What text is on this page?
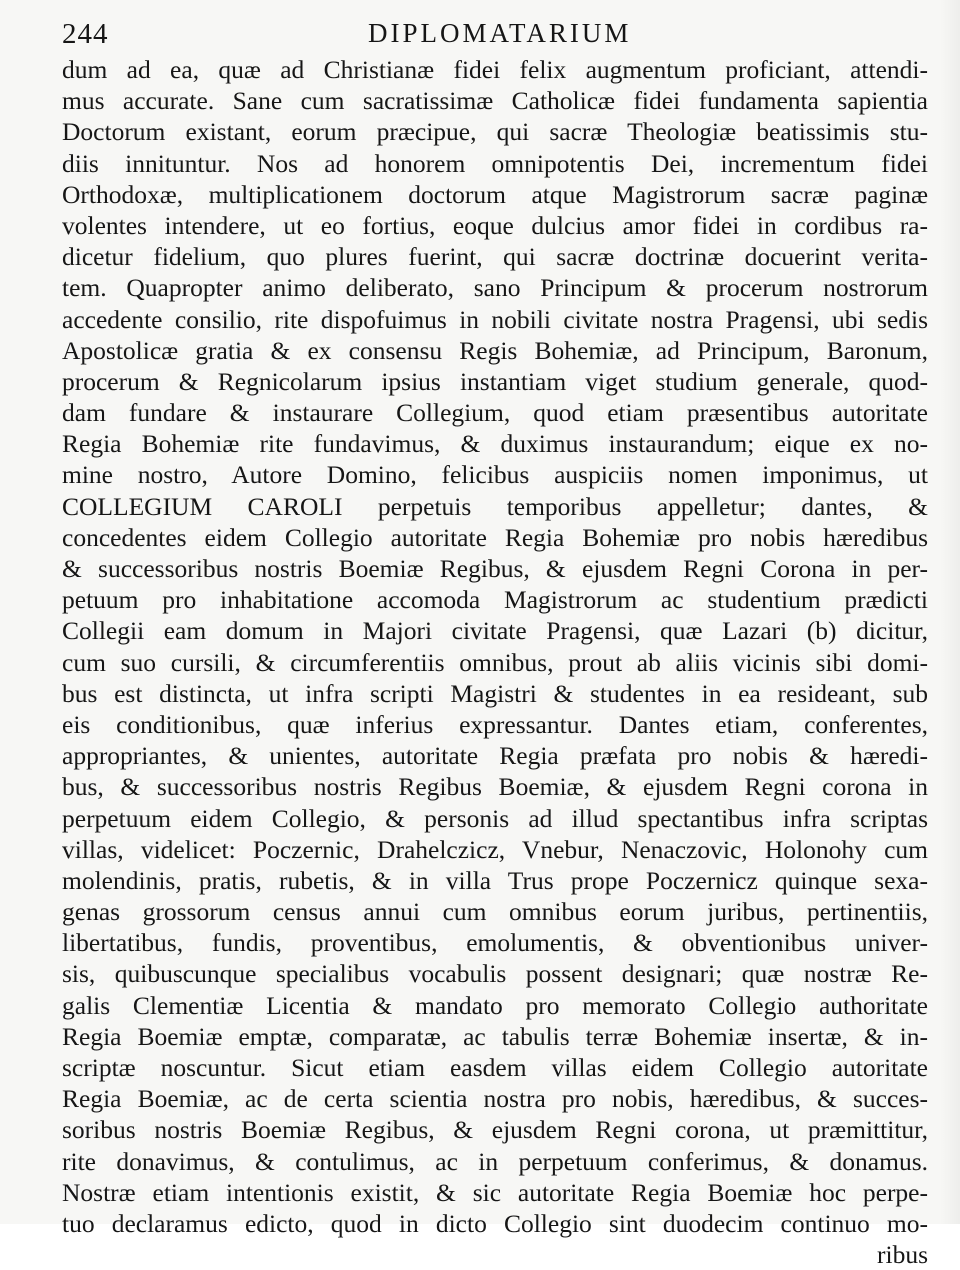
244	DIPLOMATARIUM
dum ad ea, quæ ad Christianæ fidei felix augmentum proficiant, attendi-
mus accurate. Sane cum sacratissimæ Catholicæ fidei fundamenta sapientia
Doctorum existant, eorum præcipue, qui sacræ Theologiæ beatissimis stu-
diis innituntur. Nos ad honorem omnipotentis Dei, incrementum fidei
Orthodoxæ, multiplicationem doctorum atque Magistrorum sacræ paginæ
volentes intendere, ut eo fortius, eoque dulcius amor fidei in cordibus ra-
dicetur fidelium, quo plures fuerint, qui sacræ doctrinæ docuerint verita-
tem. Quapropter animo deliberato, sano Principum & procerum nostrorum
accedente consilio, rite dispofuimus in nobili civitate nostra Pragensi, ubi sedis
Apostolicæ gratia & ex consensu Regis Bohemiæ, ad Principum, Baronum,
procerum & Regnicolarum ipsius instantiam viget studium generale, quod-
dam fundare & instaurare Collegium, quod etiam præsentibus autoritate
Regia Bohemiæ rite fundavimus, & duximus instaurandum; eique ex no-
mine nostro, Autore Domino, felicibus auspiciis nomen imponimus, ut
COLLEGIUM CAROLI perpetuis temporibus appelletur; dantes, &
concedentes eidem Collegio autoritate Regia Bohemiæ pro nobis hæredibus
& successoribus nostris Boemiæ Regibus, & ejusdem Regni Corona in per-
petuum pro inhabitatione accomoda Magistrorum ac studentium prædicti
Collegii eam domum in Majori civitate Pragensi, quæ Lazari (b) dicitur,
cum suo cursili, & circumferentiis omnibus, prout ab aliis vicinis sibi domi-
bus est distincta, ut infra scripti Magistri & studentes in ea resideant, sub
eis conditionibus, quæ inferius expressantur. Dantes etiam, conferentes,
appropriantes, & unientes, autoritate Regia præfata pro nobis & hæredi-
bus, & successoribus nostris Regibus Boemiæ, & ejusdem Regni corona in
perpetuum eidem Collegio, & personis ad illud spectantibus infra scriptas
villas, videlicet: Poczernic, Drahelczicz, Vnebur, Nenaczovic, Holonohy cum
molendinis, pratis, rubetis, & in villa Trus prope Poczernicz quinque sexa-
genas grossorum census annui cum omnibus eorum juribus, pertinentiis,
libertatibus, fundis, proventibus, emolumentis, & obventionibus univer-
sis, quibuscunque specialibus vocabulis possent designari; quæ nostræ Re-
galis Clementiæ Licentia & mandato pro memorato Collegio authoritate
Regia Boemiæ emptæ, comparatæ, ac tabulis terræ Bohemiæ insertæ, & in-
scriptæ noscuntur. Sicut etiam easdem villas eidem Collegio autoritate
Regia Boemiæ, ac de certa scientia nostra pro nobis, hæredibus, & succes-
soribus nostris Boemiæ Regibus, & ejusdem Regni corona, ut præmittitur,
rite donavimus, & contulimus, ac in perpetuum conferimus, & donamus.
Nostræ etiam intentionis existit, & sic autoritate Regia Boemiæ hoc perpe-
tuo declaramus edicto, quod in dicto Collegio sint duodecim continuo mo-
ribus
